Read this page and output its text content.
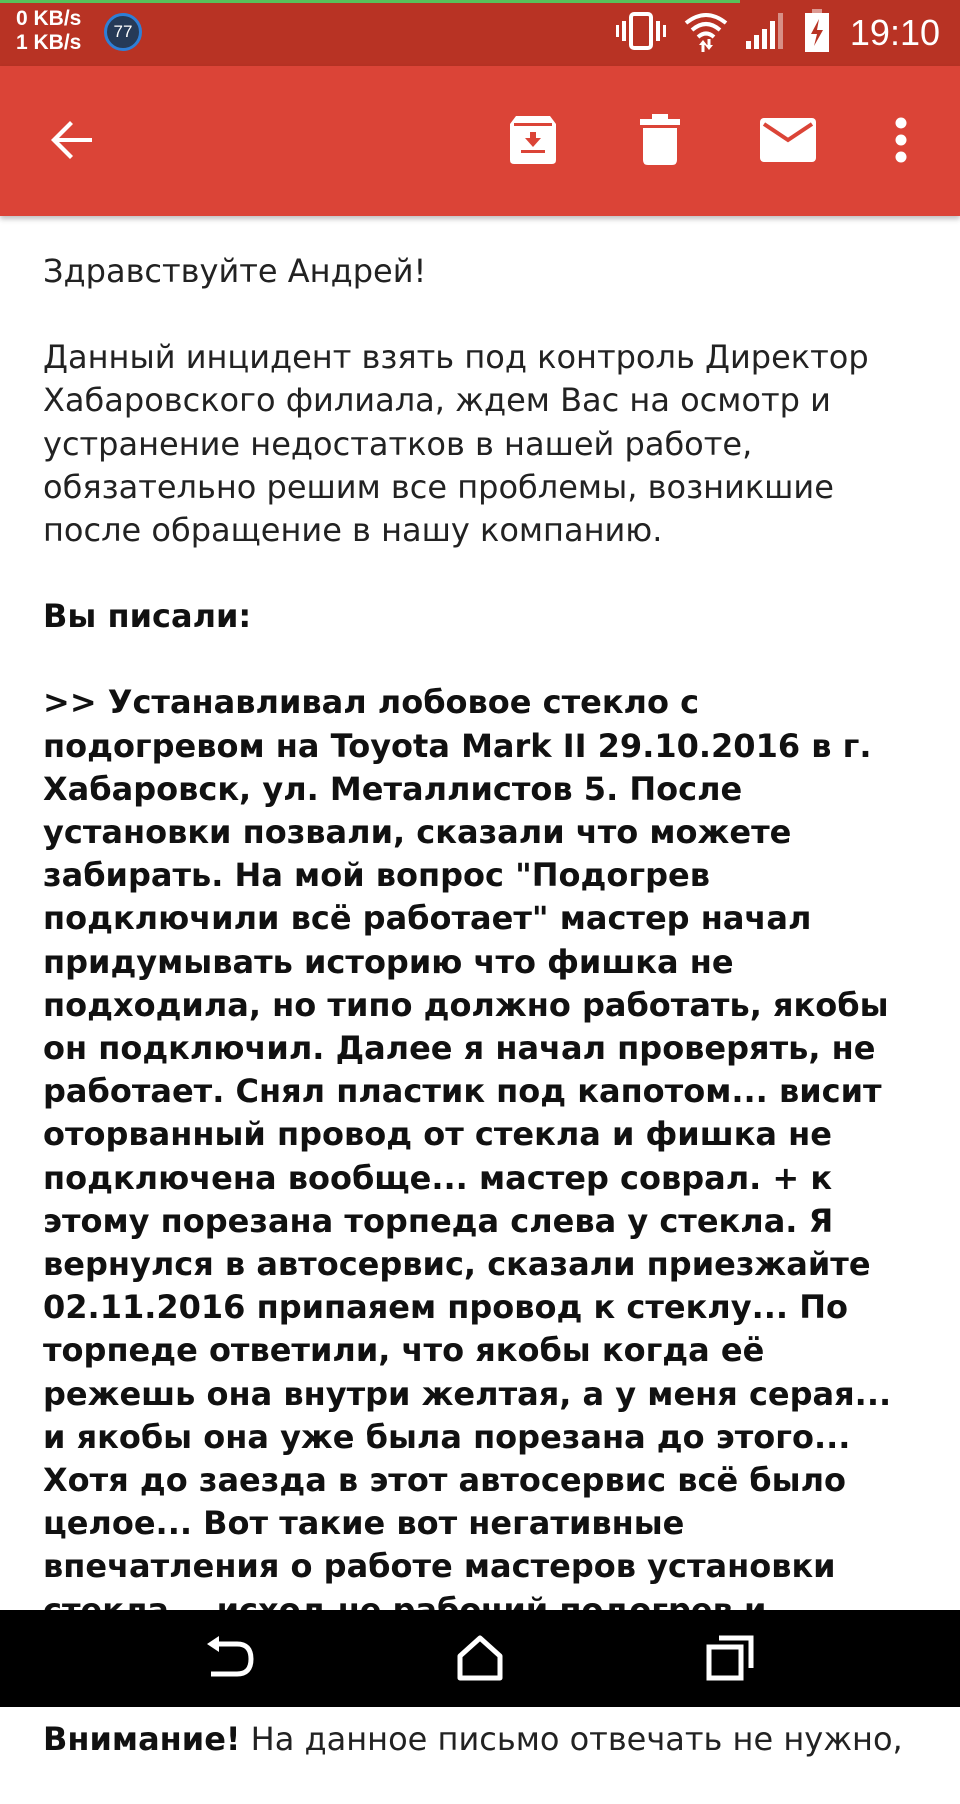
0 KB/s
1 KB/s	77	19:10

Здравствуйте Андрей!

Данный инцидент взять под контроль Директор Хабаровского филиала, ждем Вас на осмотр и устранение недостатков в нашей работе, обязательно решим все проблемы, возникшие после обращение в нашу компанию.

Вы писали:

>> Устанавливал лобовое стекло с подогревом на Toyota Mark II 29.10.2016 в г. Хабаровск, ул. Металлистов 5. После установки позвали, сказали что можете забирать. На мой вопрос "Подогрев подключили всё работает" мастер начал придумывать историю что фишка не подходила, но типо должно работать, якобы он подключил. Далее я начал проверять, не работает. Снял пластик под капотом... висит оторванный провод от стекла и фишка не подключена вообще... мастер соврал. + к этому порезана торпеда слева у стекла. Я вернулся в автосервис, сказали приезжайте 02.11.2016 припаяем провод к стеклу... По торпеде ответили, что якобы когда её режешь она внутри желтая, а у меня серая... и якобы она уже была порезана до этого... Хотя до заезда в этот автосервис всё было целое... Вот такие вот негативные впечатления о работе мастеров установки

Внимание! На данное письмо отвечать не нужно,
